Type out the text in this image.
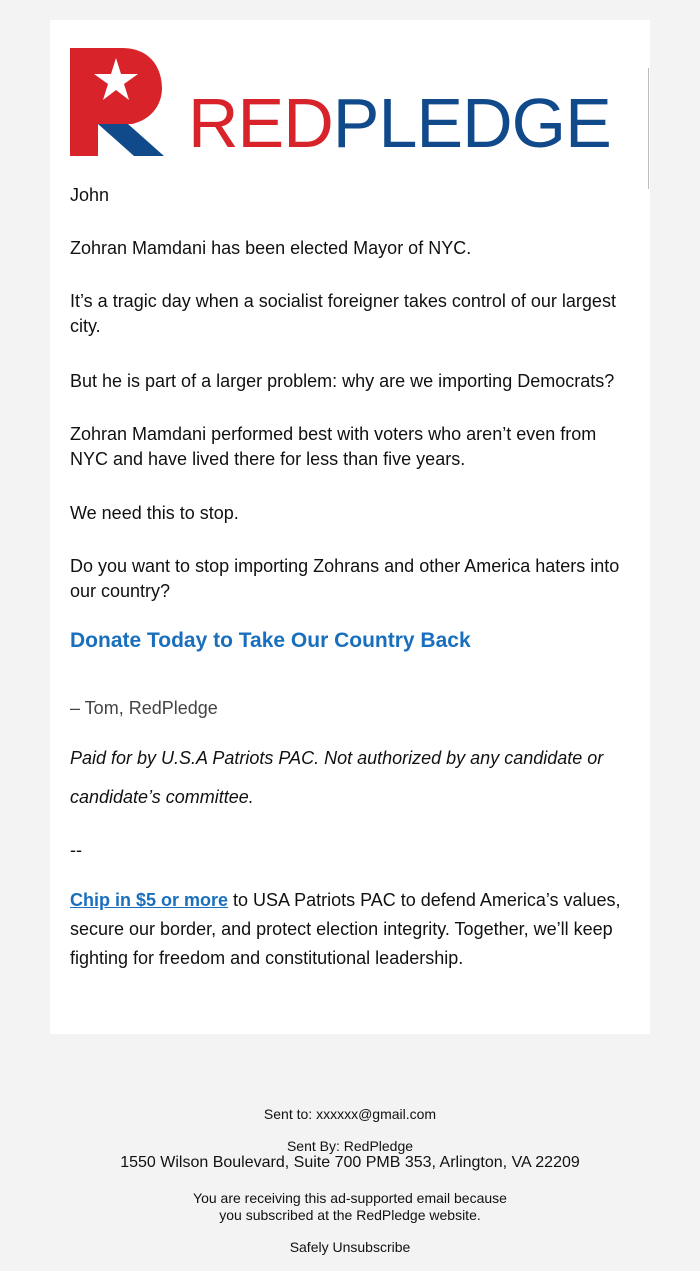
REDPLEDGE

John

Zohran Mamdani has been elected Mayor of NYC.

It’s a tragic day when a socialist foreigner takes control of our largest city.

But he is part of a larger problem: why are we importing Democrats?

Zohran Mamdani performed best with voters who aren’t even from NYC and have lived there for less than five years.

We need this to stop.

Do you want to stop importing Zohrans and other America haters into our country?

Donate Today to Take Our Country Back

– Tom, RedPledge

Paid for by U.S.A Patriots PAC. Not authorized by any candidate or candidate’s committee.

--

Chip in $5 or more to USA Patriots PAC to defend America’s values, secure our border, and protect election integrity. Together, we’ll keep fighting for freedom and constitutional leadership.

Sent to: xxxxxx@gmail.com

Sent By: RedPledge

1550 Wilson Boulevard, Suite 700 PMB 353, Arlington, VA 22209

You are receiving this ad-supported email because

you subscribed at the RedPledge website.

Safely Unsubscribe
